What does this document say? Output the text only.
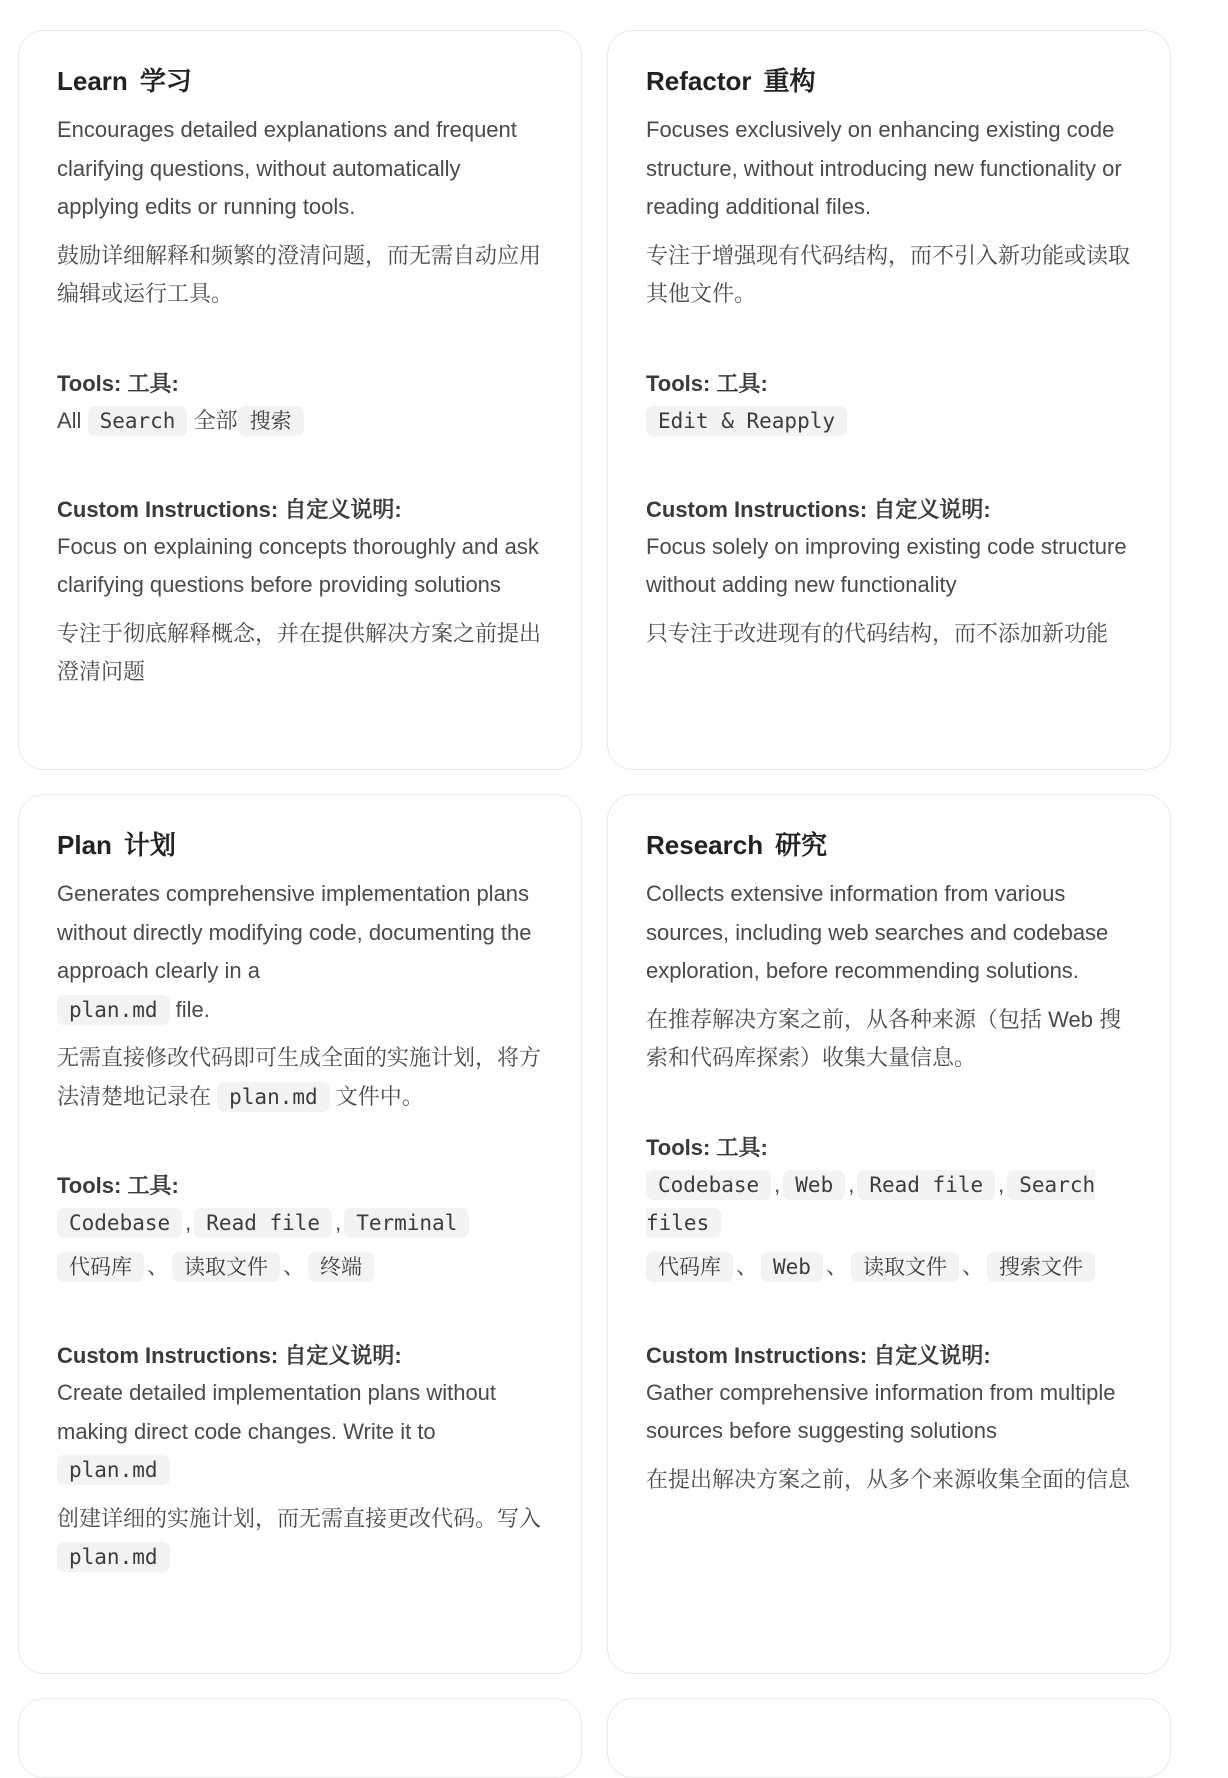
Learn 学习

Encourages detailed explanations and frequent clarifying questions, without automatically applying edits or running tools.

鼓励详细解释和频繁的澄清问题，而无需自动应用编辑或运行工具。

Tools: 工具:

All Search 全部 搜索

Custom Instructions: 自定义说明:

Focus on explaining concepts thoroughly and ask clarifying questions before providing solutions

专注于彻底解释概念，并在提供解决方案之前提出澄清问题

Refactor 重构

Focuses exclusively on enhancing existing code structure, without introducing new functionality or reading additional files.

专注于增强现有代码结构，而不引入新功能或读取其他文件。

Tools: 工具:

Edit & Reapply

Custom Instructions: 自定义说明:

Focus solely on improving existing code structure without adding new functionality

只专注于改进现有的代码结构，而不添加新功能

Plan 计划

Generates comprehensive implementation plans without directly modifying code, documenting the approach clearly in a
plan.md file.

无需直接修改代码即可生成全面的实施计划，将方法清楚地记录在 plan.md 文件中。

Tools: 工具:

Codebase , Read file , Terminal

代码库 、 读取文件 、 终端

Custom Instructions: 自定义说明:

Create detailed implementation plans without making direct code changes. Write it to
plan.md

创建详细的实施计划，而无需直接更改代码。写入 plan.md

Research 研究

Collects extensive information from various sources, including web searches and codebase exploration, before recommending solutions.

在推荐解决方案之前，从各种来源（包括 Web 搜索和代码库探索）收集大量信息。

Tools: 工具:

Codebase , Web , Read file , Search files

代码库 、 Web 、 读取文件 、 搜索文件

Custom Instructions: 自定义说明:

Gather comprehensive information from multiple sources before suggesting solutions

在提出解决方案之前，从多个来源收集全面的信息
